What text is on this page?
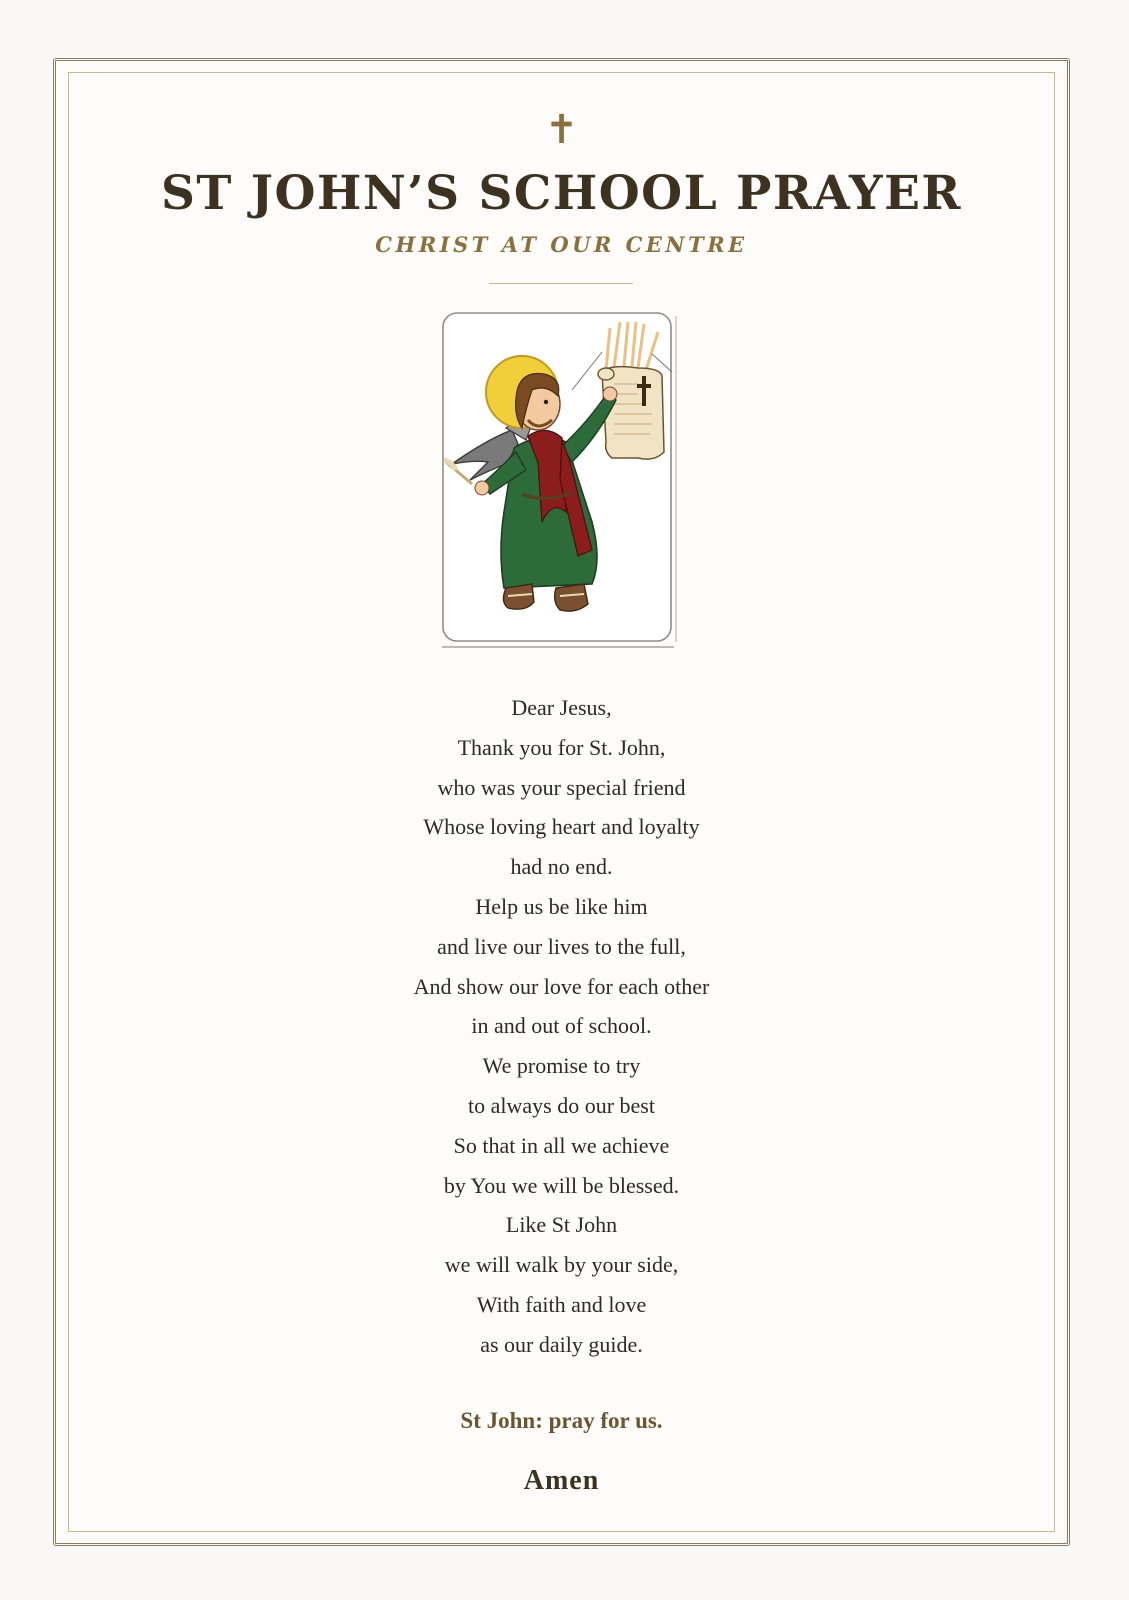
✝
ST JOHN’S SCHOOL PRAYER
CHRIST AT OUR CENTRE
Dear Jesus,
Thank you for St. John,
who was your special friend
Whose loving heart and loyalty
had no end.
Help us be like him
and live our lives to the full,
And show our love for each other
in and out of school.
We promise to try
to always do our best
So that in all we achieve
by You we will be blessed.
Like St John
we will walk by your side,
With faith and love
as our daily guide.
St John: pray for us.
Amen
